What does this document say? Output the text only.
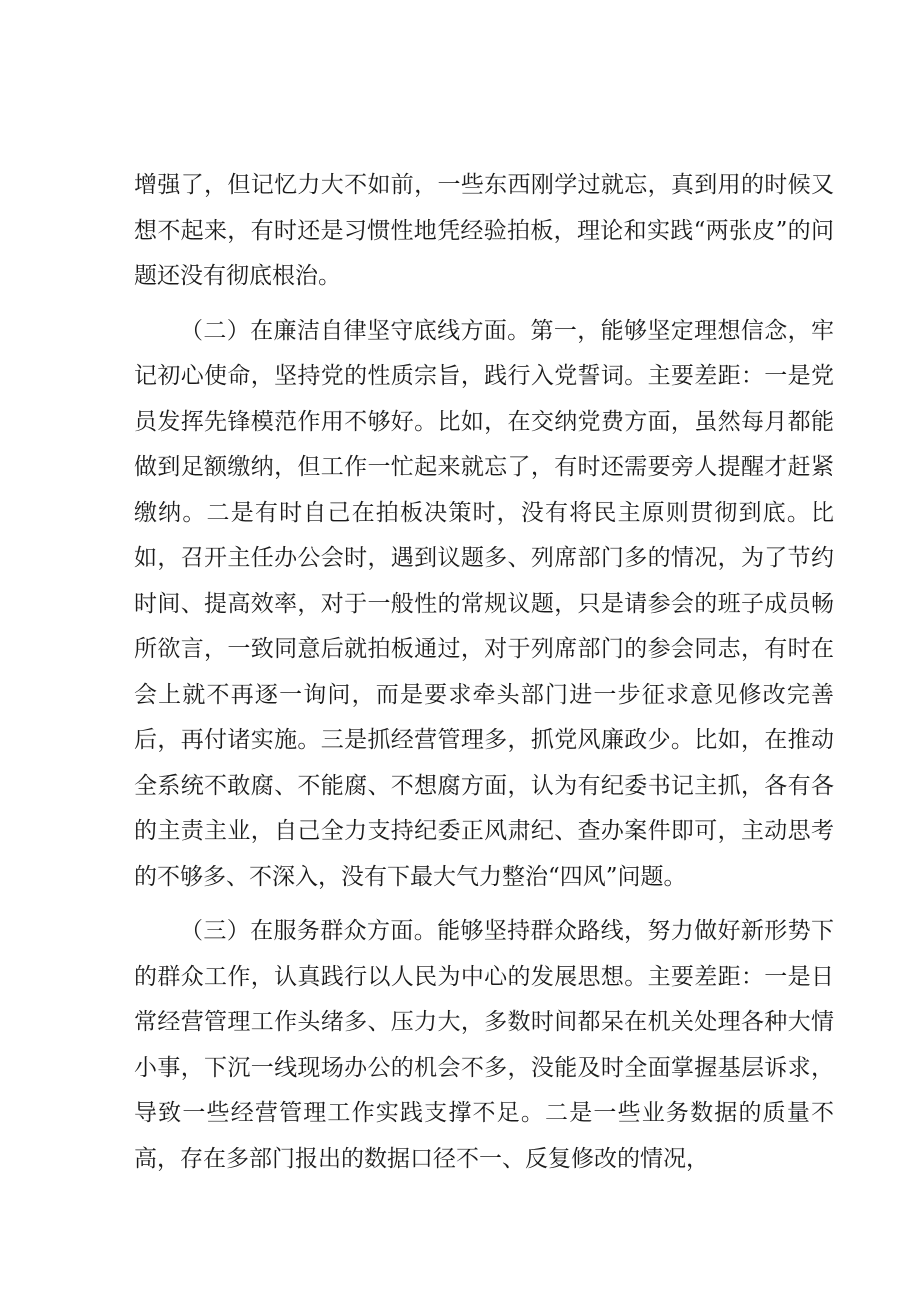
增强了，但记忆力大不如前，一些东西刚学过就忘，真到用的时候又想不起来，有时还是习惯性地凭经验拍板，理论和实践“两张皮”的问题还没有彻底根治。

（二）在廉洁自律坚守底线方面。第一，能够坚定理想信念，牢记初心使命，坚持党的性质宗旨，践行入党誓词。主要差距：一是党员发挥先锋模范作用不够好。比如，在交纳党费方面，虽然每月都能做到足额缴纳，但工作一忙起来就忘了，有时还需要旁人提醒才赶紧缴纳。二是有时自己在拍板决策时，没有将民主原则贯彻到底。比如，召开主任办公会时，遇到议题多、列席部门多的情况，为了节约时间、提高效率，对于一般性的常规议题，只是请参会的班子成员畅所欲言，一致同意后就拍板通过，对于列席部门的参会同志，有时在会上就不再逐一询问，而是要求牵头部门进一步征求意见修改完善后，再付诸实施。三是抓经营管理多，抓党风廉政少。比如，在推动全系统不敢腐、不能腐、不想腐方面，认为有纪委书记主抓，各有各的主责主业，自己全力支持纪委正风肃纪、查办案件即可，主动思考的不够多、不深入，没有下最大气力整治“四风”问题。

（三）在服务群众方面。能够坚持群众路线，努力做好新形势下的群众工作，认真践行以人民为中心的发展思想。主要差距：一是日常经营管理工作头绪多、压力大，多数时间都呆在机关处理各种大情小事，下沉一线现场办公的机会不多，没能及时全面掌握基层诉求，导致一些经营管理工作实践支撑不足。二是一些业务数据的质量不高，存在多部门报出的数据口径不一、反复修改的情况，
